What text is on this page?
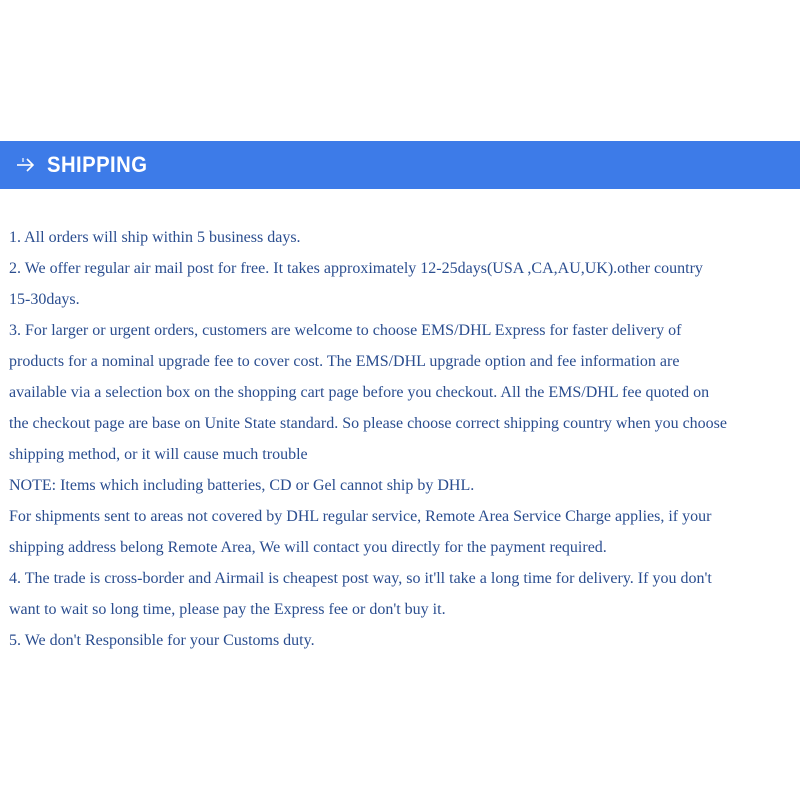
SHIPPING
1. All orders will ship within 5 business days.
2. We offer regular air mail post for free. It takes approximately 12-25days(USA ,CA,AU,UK).other country
15-30days.
3. For larger or urgent orders, customers are welcome to choose EMS/DHL Express for faster delivery of
products for a nominal upgrade fee to cover cost. The EMS/DHL upgrade option and fee information are
available via a selection box on the shopping cart page before you checkout. All the EMS/DHL fee quoted on
the checkout page are base on Unite State standard. So please choose correct shipping country when you choose
shipping method, or it will cause much trouble
NOTE: Items which including batteries, CD or Gel cannot ship by DHL.
For shipments sent to areas not covered by DHL regular service, Remote Area Service Charge applies, if your
shipping address belong Remote Area, We will contact you directly for the payment required.
4. The trade is cross-border and Airmail is cheapest post way, so it'll take a long time for delivery. If you don't
want to wait so long time, please pay the Express fee or don't buy it.
5. We don't Responsible for your Customs duty.
